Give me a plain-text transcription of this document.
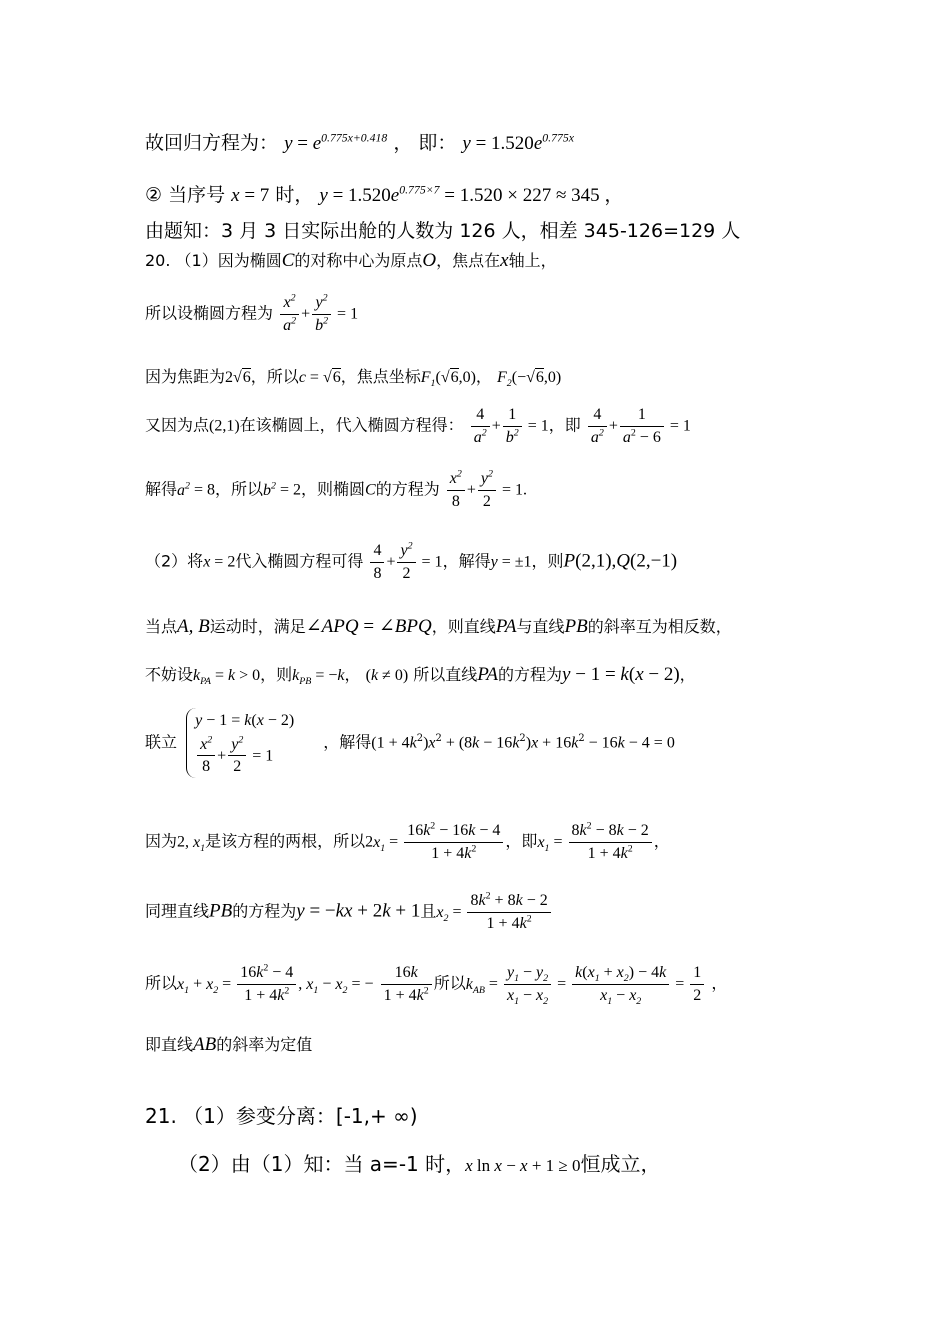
故回归方程为： $y = e^{0.775x+0.418}$ ， 即： $y = 1.520e^{0.775x}$
② 当序号 x = 7 时， $y = 1.520e^{0.775\times 7} = 1.520 \times 227 \approx 345$ ，
由题知：3 月 3 日实际出舱的人数为 126 人，相差 345-126=129 人
20. （1）因为椭圆C的对称中心为原点O，焦点在x轴上，
所以设椭圆方程为 $\frac{x^2}{a^2} + \frac{y^2}{b^2} = 1$
因为焦距为2√6，所以c = √6，焦点坐标$F_1(√6,0)$， $F_2(-√6,0)$
又因为点(2,1)在该椭圆上，代入椭圆方程得： $\frac{4}{a^2} + \frac{1}{b^2} = 1$，即 $\frac{4}{a^2} + \frac{1}{a^2 - 6} = 1$
解得$a^2 = 8$，所以$b^2 = 2$，则椭圆C的方程为 $\frac{x^2}{8} + \frac{y^2}{2} = 1$.
（2）将x = 2代入椭圆方程可得 $\frac{4}{8} + \frac{y^2}{2} = 1$，解得y = ±1，则P(2,1),Q(2,−1)
当点A, B运动时，满足∠APQ = ∠BPQ，则直线PA与直线PB的斜率互为相反数，
不妨设$k_{PA} = k > 0$，则$k_{PB} = -k$， (k ≠ 0) 所以直线PA的方程为y − 1 = k(x − 2)，
联立
y − 1 = k(x − 2)
$\frac{x^2}{8} + \frac{y^2}{2} = 1$
，解得$(1 + 4k^2)x^2 + (8k - 16k^2)x + 16k^2 - 16k - 4 = 0$
因为2, $x_1$是该方程的两根，所以$2x_1 = \frac{16k^2 - 16k - 4}{1 + 4k^2}$ ，即$x_1 = \frac{8k^2 - 8k - 2}{1 + 4k^2}$ ，
同理直线PB的方程为y = −kx + 2k + 1且$x_2 = \frac{8k^2 + 8k - 2}{1 + 4k^2}$
所以$x_1 + x_2 = \frac{16k^2 - 4}{1 + 4k^2}$ , $x_1 - x_2$ = − $\frac{16k}{1 + 4k^2}$ 所以$k_{AB} = \frac{y_1 - y_2}{x_1 - x_2} = \frac{k(x_1 + x_2) - 4k}{x_1 - x_2} = \frac{1}{2}$ ，
即直线AB的斜率为定值
21. （1）参变分离：[-1,+ ∞)
（2）由（1）知：当 a=-1 时，x ln x − x + 1 ≥ 0恒成立，
